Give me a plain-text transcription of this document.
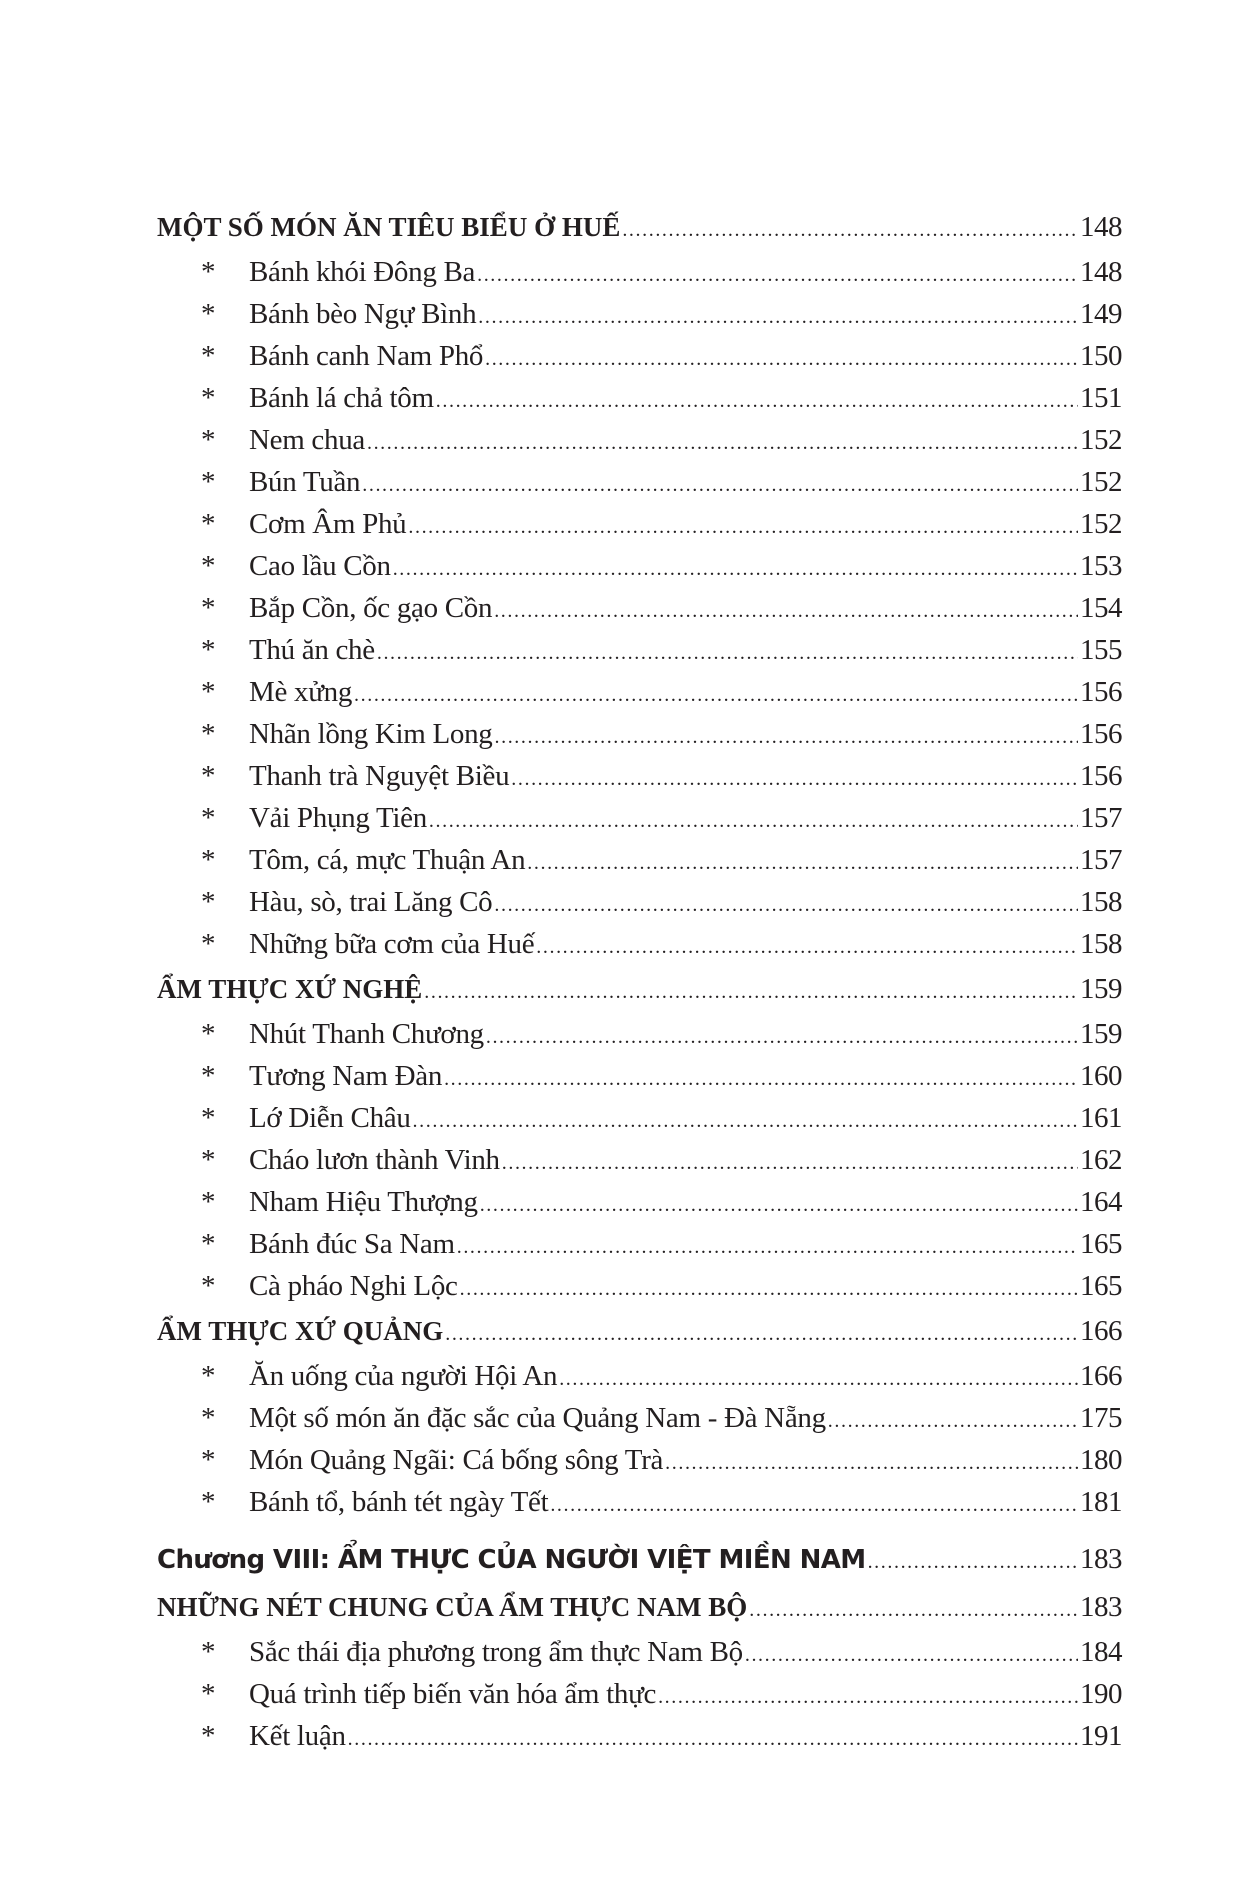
MỘT SỐ MÓN ĂN TIÊU BIỂU Ở HUẾ .....	148
*	Bánh khói Đông Ba .....	148
*	Bánh bèo Ngự Bình .....	149
*	Bánh canh Nam Phổ .....	150
*	Bánh lá chả tôm .....	151
*	Nem chua .....	152
*	Bún Tuần .....	152
*	Cơm Âm Phủ .....	152
*	Cao lầu Cồn .....	153
*	Bắp Cồn, ốc gạo Cồn .....	154
*	Thú ăn chè .....	155
*	Mè xửng .....	156
*	Nhãn lồng Kim Long .....	156
*	Thanh trà Nguyệt Biều .....	156
*	Vải Phụng Tiên .....	157
*	Tôm, cá, mực Thuận An .....	157
*	Hàu, sò, trai Lăng Cô .....	158
*	Những bữa cơm của Huế .....	158
ẨM THỰC XỨ NGHỆ .....	159
*	Nhút Thanh Chương .....	159
*	Tương Nam Đàn .....	160
*	Lớ Diễn Châu .....	161
*	Cháo lươn thành Vinh .....	162
*	Nham Hiệu Thượng .....	164
*	Bánh đúc Sa Nam .....	165
*	Cà pháo Nghi Lộc .....	165
ẨM THỰC XỨ QUẢNG .....	166
*	Ăn uống của người Hội An .....	166
*	Một số món ăn đặc sắc của Quảng Nam - Đà Nẵng .....	175
*	Món Quảng Ngãi: Cá bống sông Trà .....	180
*	Bánh tổ, bánh tét ngày Tết .....	181
Chương VIII: ẨM THỰC CỦA NGƯỜI VIỆT MIỀN NAM .....	183
NHỮNG NÉT CHUNG CỦA ẨM THỰC NAM BỘ .....	183
*	Sắc thái địa phương trong ẩm thực Nam Bộ .....	184
*	Quá trình tiếp biến văn hóa ẩm thực .....	190
*	Kết luận .....	191
